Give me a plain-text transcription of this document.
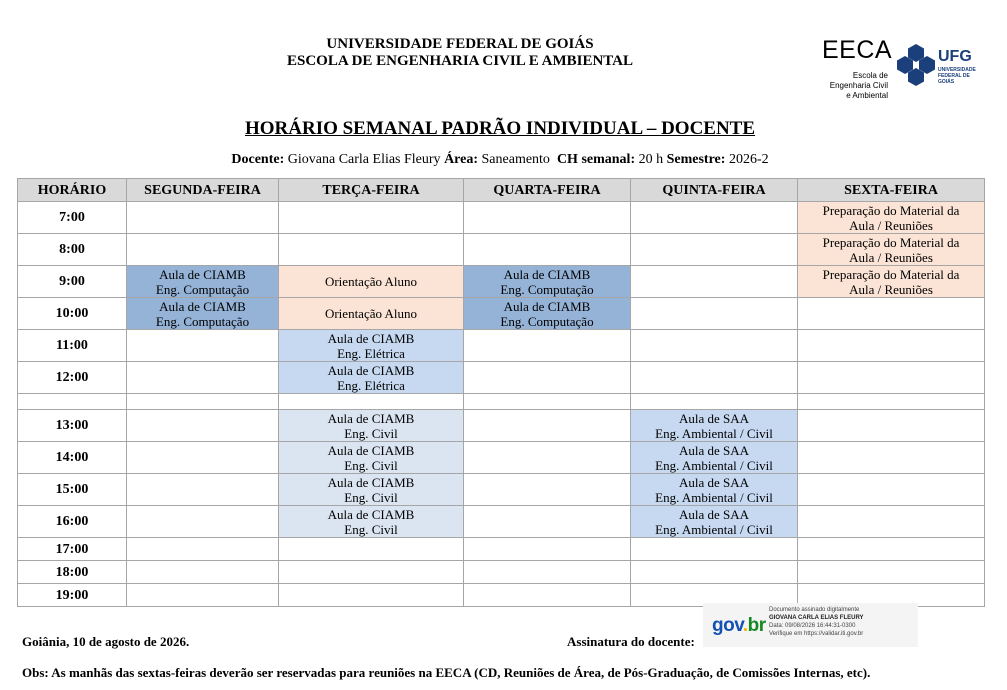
UNIVERSIDADE FEDERAL DE GOIÁS
ESCOLA DE ENGENHARIA CIVIL E AMBIENTAL	EECA
Escola de
Engenharia Civil
e Ambiental
UFG
UNIVERSIDADE
FEDERAL DE GOIÁS
HORÁRIO SEMANAL PADRÃO INDIVIDUAL – DOCENTE
Docente: Giovana Carla Elias Fleury Área: Saneamento CH semanal: 20 h Semestre: 2026-2
HORÁRIO	SEGUNDA-FEIRA	TERÇA-FEIRA	QUARTA-FEIRA	QUINTA-FEIRA	SEXTA-FEIRA
7:00					Preparação do Material da
Aula / Reuniões

8:00					Preparação do Material da
Aula / Reuniões

9:00	Aula de CIAMB
Eng. Computação	Orientação Aluno	Aula de CIAMB
Eng. Computação		Preparação do Material da
Aula / Reuniões

10:00	Aula de CIAMB
Eng. Computação	Orientação Aluno	Aula de CIAMB
Eng. Computação		

11:00		Aula de CIAMB
Eng. Elétrica			

12:00		Aula de CIAMB
Eng. Elétrica			

13:00		Aula de CIAMB
Eng. Civil		Aula de SAA
Eng. Ambiental / Civil	

14:00		Aula de CIAMB
Eng. Civil		Aula de SAA
Eng. Ambiental / Civil	

15:00		Aula de CIAMB
Eng. Civil		Aula de SAA
Eng. Ambiental / Civil	

16:00		Aula de CIAMB
Eng. Civil		Aula de SAA
Eng. Ambiental / Civil	

17:00					
18:00					
19:00					
Goiânia, 10 de agosto de 2026.	Assinatura do docente:
gov.br
Documento assinado digitalmente
GIOVANA CARLA ELIAS FLEURY
Data: 09/08/2026 16:44:31-0300
Verifique em https://validar.iti.gov.br
Obs: As manhãs das sextas-feiras deverão ser reservadas para reuniões na EECA (CD, Reuniões de Área, de Pós-Graduação, de Comissões Internas, etc).
